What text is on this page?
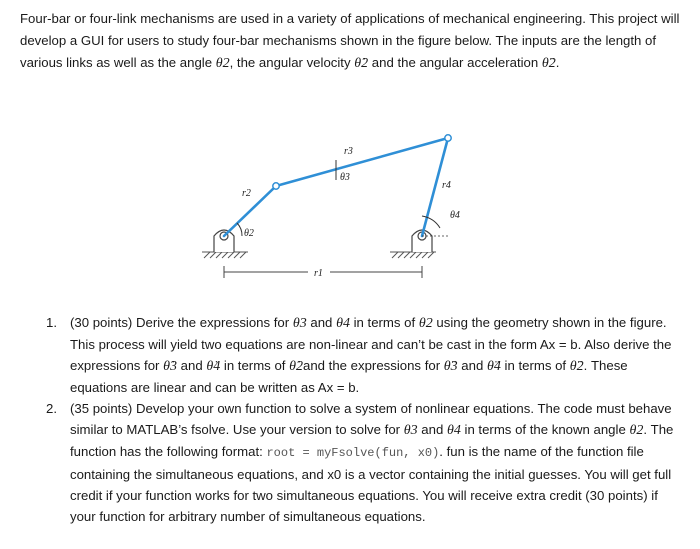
Four-bar or four-link mechanisms are used in a variety of applications of mechanical engineering. This project will develop a GUI for users to study four-bar mechanisms shown in the figure below. The inputs are the length of various links as well as the angle θ2, the angular velocity θ̇2 and the angular acceleration θ̈2.
r2
r3
r4
r1
θ2
θ3
θ4
1. (30 points) Derive the expressions for θ3 and θ4 in terms of θ2 using the geometry shown in the figure. This process will yield two equations are non-linear and can’t be cast in the form Ax = b. Also derive the expressions for θ̇3 and θ̇4 in terms of θ̇2and the expressions for θ̈3 and θ̈4 in terms of θ̈2. These equations are linear and can be written as Ax = b.
2. (35 points) Develop your own function to solve a system of nonlinear equations. The code must behave similar to MATLAB’s fsolve. Use your version to solve for θ3 and θ4 in terms of the known angle θ2. The function has the following format: root = myFsolve(fun, x0). fun is the name of the function file containing the simultaneous equations, and x0 is a vector containing the initial guesses. You will get full credit if your function works for two simultaneous equations. You will receive extra credit (30 points) if your function for arbitrary number of simultaneous equations.
